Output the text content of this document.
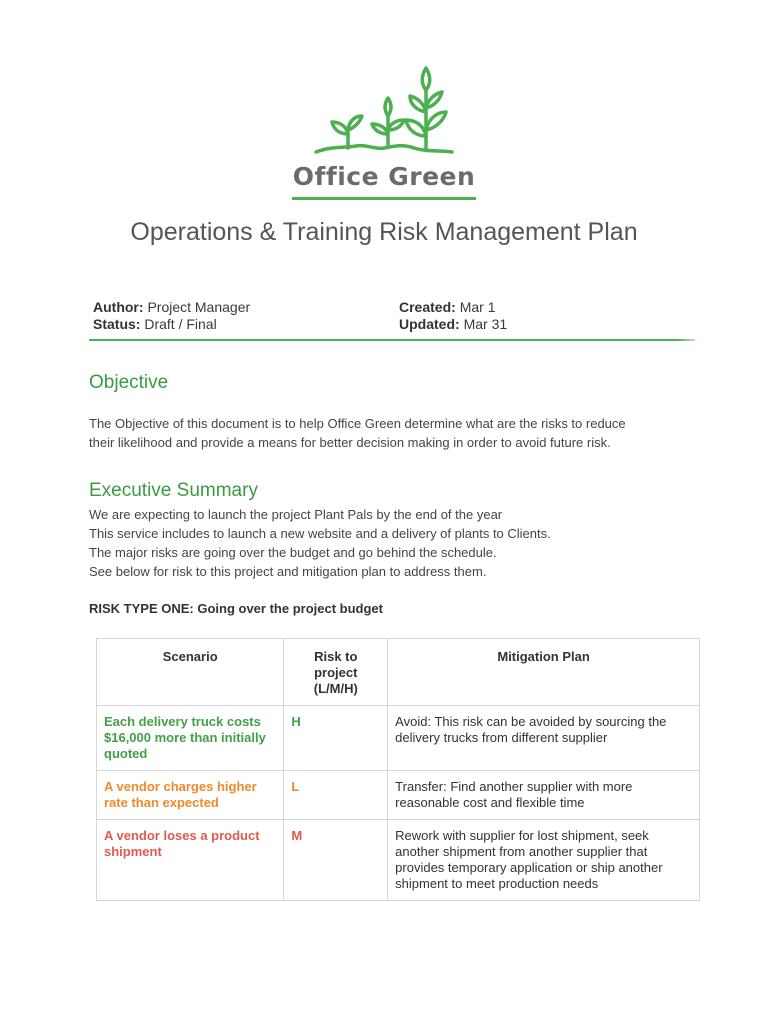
Office Green
Operations & Training Risk Management Plan
Author: Project Manager	Created: Mar 1
Status: Draft / Final	Updated: Mar 31
Objective
The Objective of this document is to help Office Green determine what are the risks to reduce
their likelihood and provide a means for better decision making in order to avoid future risk.
Executive Summary
We are expecting to launch the project Plant Pals by the end of the year
This service includes to launch a new website and a delivery of plants to Clients.
The major risks are going over the budget and go behind the schedule.
See below for risk to this project and mitigation plan to address them.
RISK TYPE ONE: Going over the project budget
Scenario	Risk to project (L/M/H)	Mitigation Plan
Each delivery truck costs $16,000 more than initially quoted	H	Avoid: This risk can be avoided by sourcing the delivery trucks from different supplier
A vendor charges higher rate than expected	L	Transfer: Find another supplier with more reasonable cost and flexible time
A vendor loses a product shipment	M	Rework with supplier for lost shipment, seek another shipment from another supplier that provides temporary application or ship another shipment to meet production needs
